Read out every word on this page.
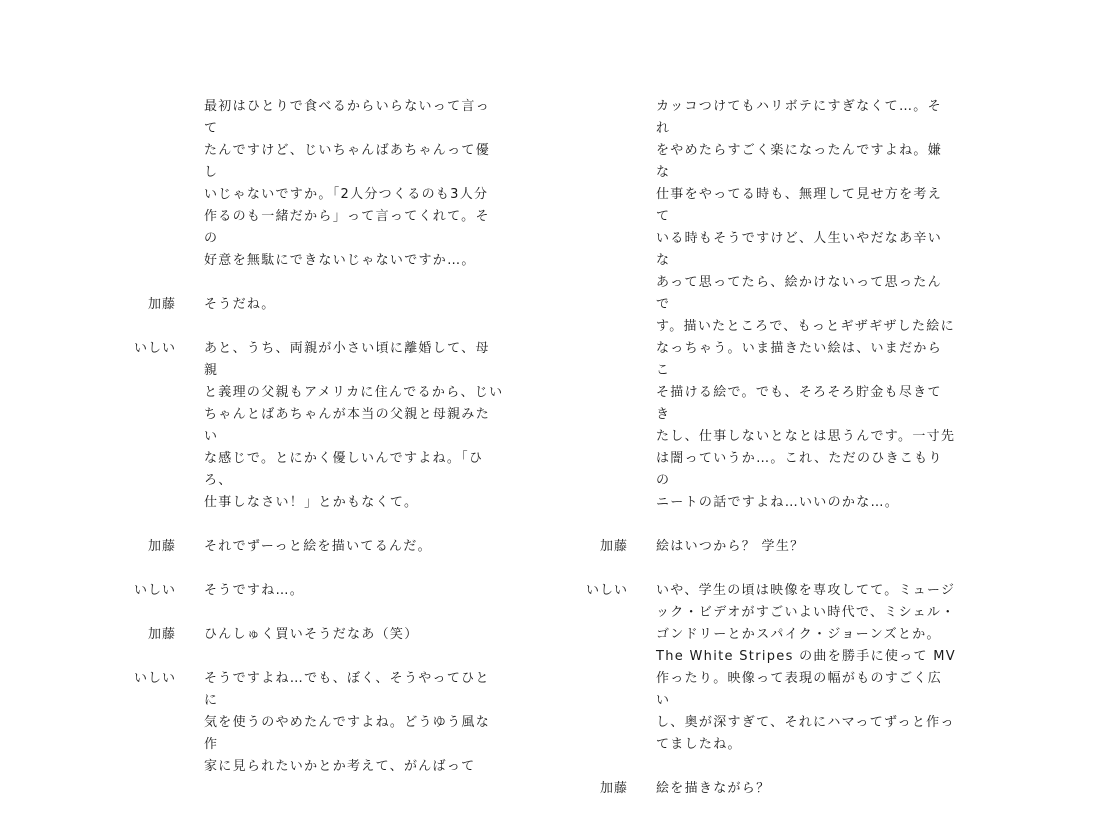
最初はひとりで食べるからいらないって言って
たんですけど、じいちゃんばあちゃんって優し
いじゃないですか。「2人分つくるのも3人分
作るのも一緒だから」って言ってくれて。その
好意を無駄にできないじゃないですか…。
加藤 そうだね。
いしい あと、うち、両親が小さい頃に離婚して、母親
と義理の父親もアメリカに住んでるから、じい
ちゃんとばあちゃんが本当の父親と母親みたい
な感じで。とにかく優しいんですよね。「ひろ、
仕事しなさい！」とかもなくて。
加藤 それでずーっと絵を描いてるんだ。
いしい そうですね…。
加藤 ひんしゅく買いそうだなあ（笑）
いしい そうですよね…でも、ぼく、そうやってひとに
気を使うのやめたんですよね。どうゆう風な作
家に見られたいかとか考えて、がんばって
カッコつけてもハリボテにすぎなくて…。それ
をやめたらすごく楽になったんですよね。嫌な
仕事をやってる時も、無理して見せ方を考えて
いる時もそうですけど、人生いやだなあ辛いな
あって思ってたら、絵かけないって思ったんで
す。描いたところで、もっとギザギザした絵に
なっちゃう。いま描きたい絵は、いまだからこ
そ描ける絵で。でも、そろそろ貯金も尽きてき
たし、仕事しないとなとは思うんです。一寸先
は闇っていうか…。これ、ただのひきこもりの
ニートの話ですよね…いいのかな…。
加藤 絵はいつから？ 学生？
いしい いや、学生の頃は映像を専攻してて。ミュージ
ック・ビデオがすごいよい時代で、ミシェル・
ゴンドリーとかスパイク・ジョーンズとか。
The White Stripes の曲を勝手に使って MV
作ったり。映像って表現の幅がものすごく広い
し、奥が深すぎて、それにハマってずっと作っ
てましたね。
加藤 絵を描きながら？
